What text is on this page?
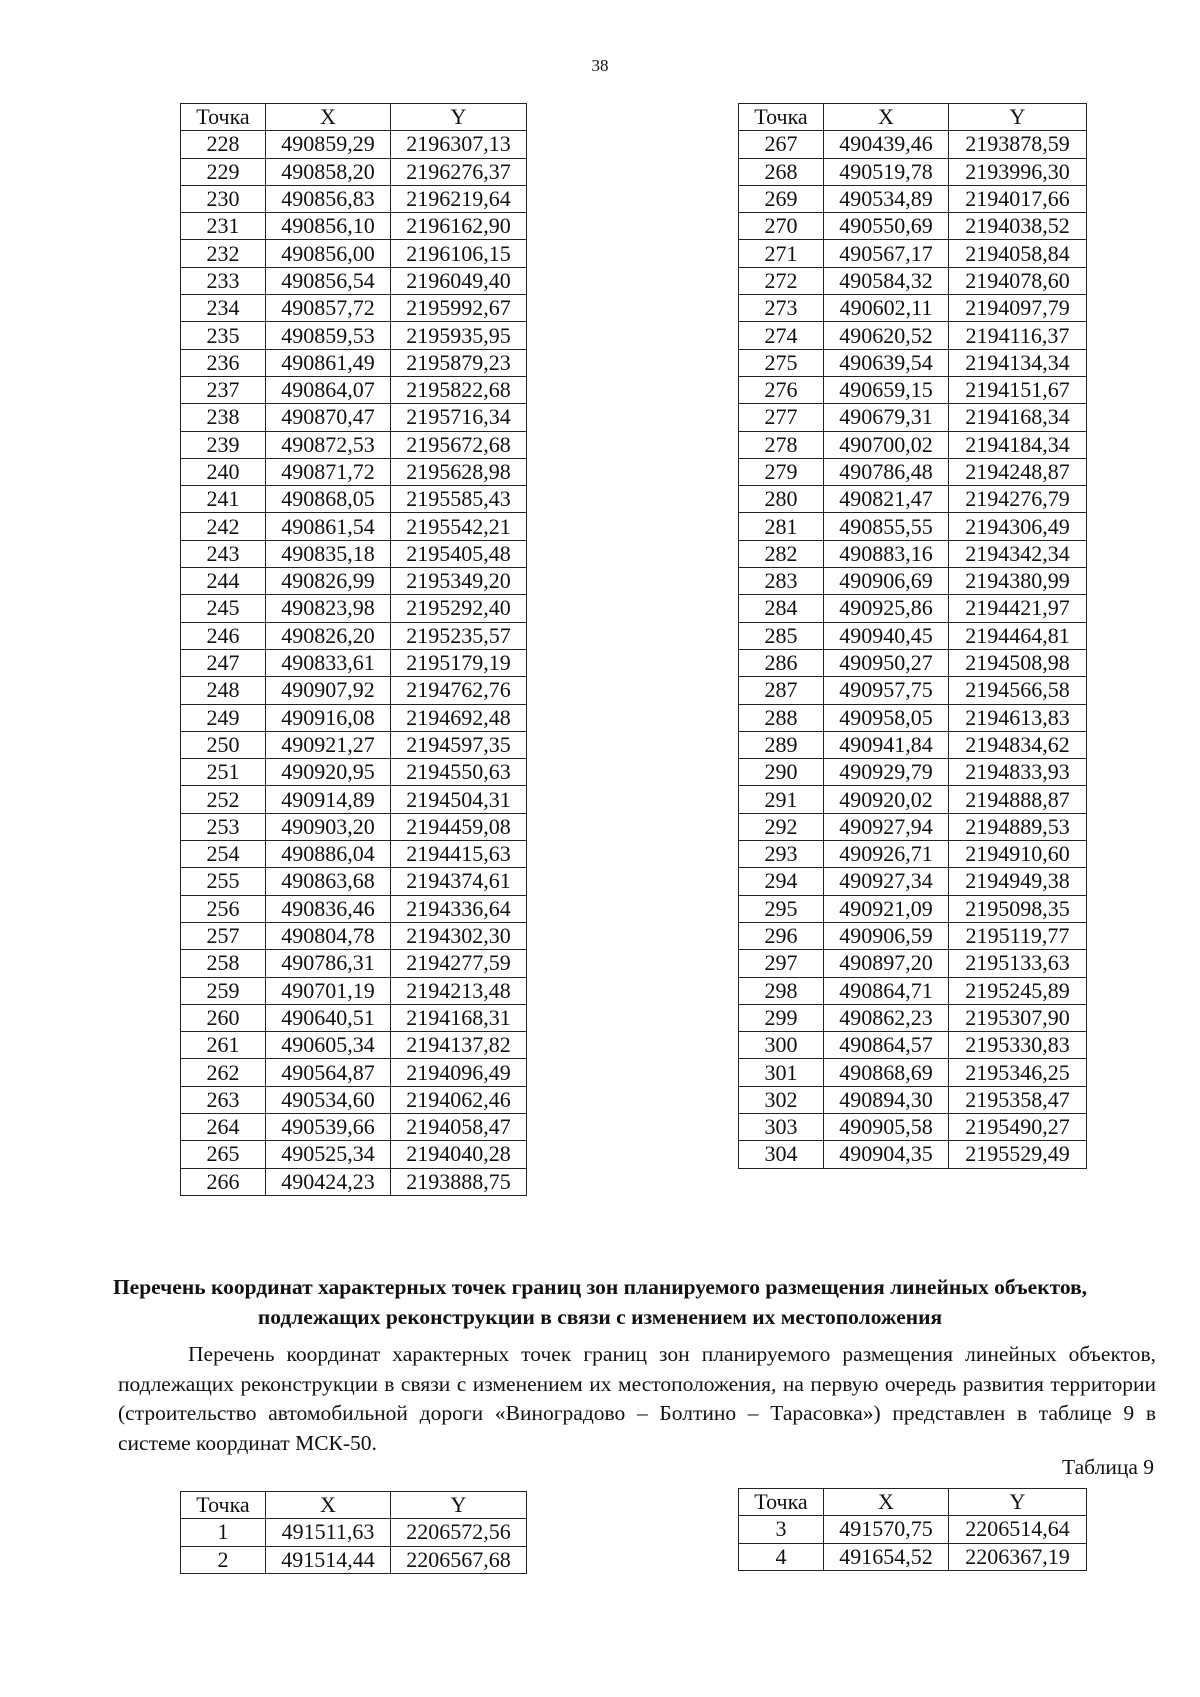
38
Точка	X	Y
228	490859,29	2196307,13
229	490858,20	2196276,37
230	490856,83	2196219,64
231	490856,10	2196162,90
232	490856,00	2196106,15
233	490856,54	2196049,40
234	490857,72	2195992,67
235	490859,53	2195935,95
236	490861,49	2195879,23
237	490864,07	2195822,68
238	490870,47	2195716,34
239	490872,53	2195672,68
240	490871,72	2195628,98
241	490868,05	2195585,43
242	490861,54	2195542,21
243	490835,18	2195405,48
244	490826,99	2195349,20
245	490823,98	2195292,40
246	490826,20	2195235,57
247	490833,61	2195179,19
248	490907,92	2194762,76
249	490916,08	2194692,48
250	490921,27	2194597,35
251	490920,95	2194550,63
252	490914,89	2194504,31
253	490903,20	2194459,08
254	490886,04	2194415,63
255	490863,68	2194374,61
256	490836,46	2194336,64
257	490804,78	2194302,30
258	490786,31	2194277,59
259	490701,19	2194213,48
260	490640,51	2194168,31
261	490605,34	2194137,82
262	490564,87	2194096,49
263	490534,60	2194062,46
264	490539,66	2194058,47
265	490525,34	2194040,28
266	490424,23	2193888,75
Точка	X	Y
267	490439,46	2193878,59
268	490519,78	2193996,30
269	490534,89	2194017,66
270	490550,69	2194038,52
271	490567,17	2194058,84
272	490584,32	2194078,60
273	490602,11	2194097,79
274	490620,52	2194116,37
275	490639,54	2194134,34
276	490659,15	2194151,67
277	490679,31	2194168,34
278	490700,02	2194184,34
279	490786,48	2194248,87
280	490821,47	2194276,79
281	490855,55	2194306,49
282	490883,16	2194342,34
283	490906,69	2194380,99
284	490925,86	2194421,97
285	490940,45	2194464,81
286	490950,27	2194508,98
287	490957,75	2194566,58
288	490958,05	2194613,83
289	490941,84	2194834,62
290	490929,79	2194833,93
291	490920,02	2194888,87
292	490927,94	2194889,53
293	490926,71	2194910,60
294	490927,34	2194949,38
295	490921,09	2195098,35
296	490906,59	2195119,77
297	490897,20	2195133,63
298	490864,71	2195245,89
299	490862,23	2195307,90
300	490864,57	2195330,83
301	490868,69	2195346,25
302	490894,30	2195358,47
303	490905,58	2195490,27
304	490904,35	2195529,49
Перечень координат характерных точек границ зон планируемого размещения линейных объектов, подлежащих реконструкции в связи с изменением их местоположения

Перечень координат характерных точек границ зон планируемого размещения линейных объектов, подлежащих реконструкции в связи с изменением их местоположения, на первую очередь развития территории (строительство автомобильной дороги «Виноградово – Болтино – Тарасовка») представлен в таблице 9 в системе координат МСК-50.

Таблица 9
Точка	X	Y
1	491511,63	2206572,56
2	491514,44	2206567,68
Точка	X	Y
3	491570,75	2206514,64
4	491654,52	2206367,19
